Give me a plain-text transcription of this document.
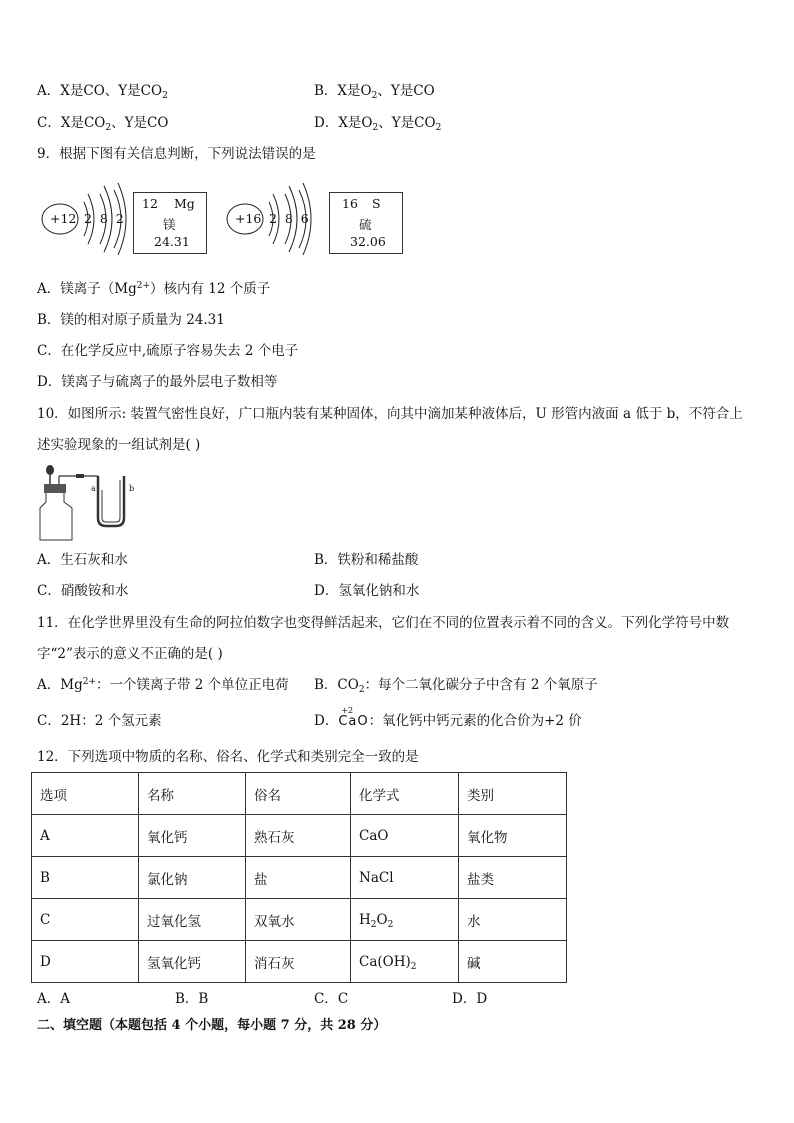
A．X是CO、Y是$CO_2$	B．X是$O_2$、Y是CO
C．X是$CO_2$、Y是CO	D．X是$O_2$、Y是$CO_2$
9．根据下图有关信息判断，下列说法错误的是
+12 2  8  2
12 Mg
镁
24.31
+16 2  8  6
16 S
硫
32.06
A．镁离子$(Mg^{2+})$核内有 12 个质子
B．镁的相对原子质量为 24.31
C．在化学反应中,硫原子容易失去 2 个电子
D．镁离子与硫离子的最外层电子数相等
10．如图所示: 装置气密性良好，广口瓶内装有某种固体，向其中滴加某种液体后，U 形管内液面 a 低于 b，不符合上
述实验现象的一组试剂是( )
a	b
A．生石灰和水	B．铁粉和稀盐酸
C．硝酸铵和水	D．氢氧化钠和水
11．在化学世界里没有生命的阿拉伯数字也变得鲜活起来，它们在不同的位置表示着不同的含义。下列化学符号中数
字“2”表示的意义不正确的是( )
A．$Mg^{2+}$：一个镁离子带 2 个单位正电荷 B．$CO_2$：每个二氧化碳分子中含有 2 个氧原子
C．2H：2 个氢元素	D．
+2
CaO：氧化钙中钙元素的化合价为+2 价
12．下列选项中物质的名称、俗名、化学式和类别完全一致的是
选项	名称	俗名	化学式	类别
A	氧化钙	熟石灰	CaO	氧化物
B	氯化钠	盐	NaCl	盐类
C	过氧化氢	双氧水	$H_2O_2$	水
D	氢氧化钙	消石灰	$Ca(OH)_2$	碱
A．A	B．B	C．C	D．D
二、填空题（本题包括 4 个小题，每小题 7 分，共 28 分）
